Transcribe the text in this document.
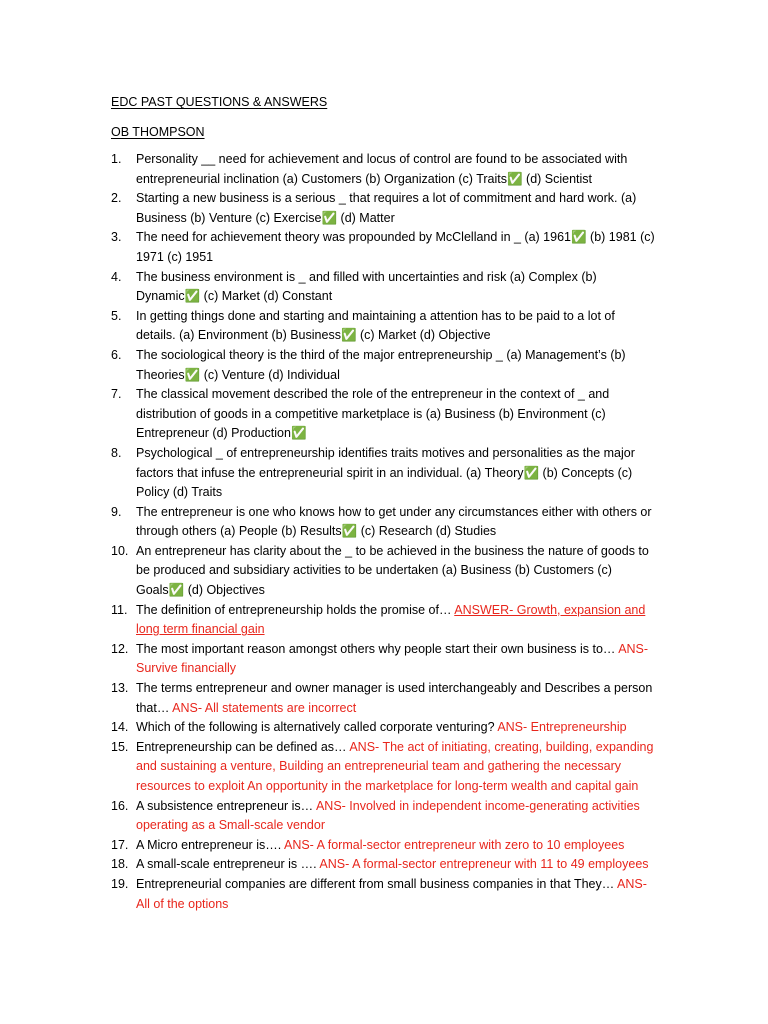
EDC PAST QUESTIONS & ANSWERS
OB THOMPSON
1. Personality __ need for achievement and locus of control are found to be associated with entrepreneurial inclination (a) Customers (b) Organization (c) Traits✅ (d) Scientist
2. Starting a new business is a serious _ that requires a lot of commitment and hard work. (a) Business (b) Venture (c) Exercise✅ (d) Matter
3. The need for achievement theory was propounded by McClelland in _ (a) 1961✅ (b) 1981 (c) 1971 (c) 1951
4. The business environment is _ and filled with uncertainties and risk (a) Complex (b) Dynamic✅ (c) Market (d) Constant
5. In getting things done and starting and maintaining a attention has to be paid to a lot of details. (a) Environment (b) Business✅ (c) Market (d) Objective
6. The sociological theory is the third of the major entrepreneurship _ (a) Management’s (b) Theories✅ (c) Venture (d) Individual
7. The classical movement described the role of the entrepreneur in the context of _ and distribution of goods in a competitive marketplace is (a) Business (b) Environment (c) Entrepreneur (d) Production✅
8. Psychological _ of entrepreneurship identifies traits motives and personalities as the major factors that infuse the entrepreneurial spirit in an individual. (a) Theory✅ (b) Concepts (c) Policy (d) Traits
9. The entrepreneur is one who knows how to get under any circumstances either with others or through others (a) People (b) Results✅ (c) Research (d) Studies
10. An entrepreneur has clarity about the _ to be achieved in the business the nature of goods to be produced and subsidiary activities to be undertaken (a) Business (b) Customers (c) Goals✅ (d) Objectives
11. The definition of entrepreneurship holds the promise of… ANSWER- Growth, expansion and long term financial gain
12. The most important reason amongst others why people start their own business is to… ANS- Survive financially
13. The terms entrepreneur and owner manager is used interchangeably and Describes a person that… ANS- All statements are incorrect
14. Which of the following is alternatively called corporate venturing? ANS- Entrepreneurship
15. Entrepreneurship can be defined as… ANS- The act of initiating, creating, building, expanding and sustaining a venture, Building an entrepreneurial team and gathering the necessary resources to exploit An opportunity in the marketplace for long-term wealth and capital gain
16. A subsistence entrepreneur is… ANS- Involved in independent income-generating activities operating as a Small-scale vendor
17. A Micro entrepreneur is…. ANS- A formal-sector entrepreneur with zero to 10 employees
18. A small-scale entrepreneur is …. ANS- A formal-sector entrepreneur with 11 to 49 employees
19. Entrepreneurial companies are different from small business companies in that They… ANS- All of the options
